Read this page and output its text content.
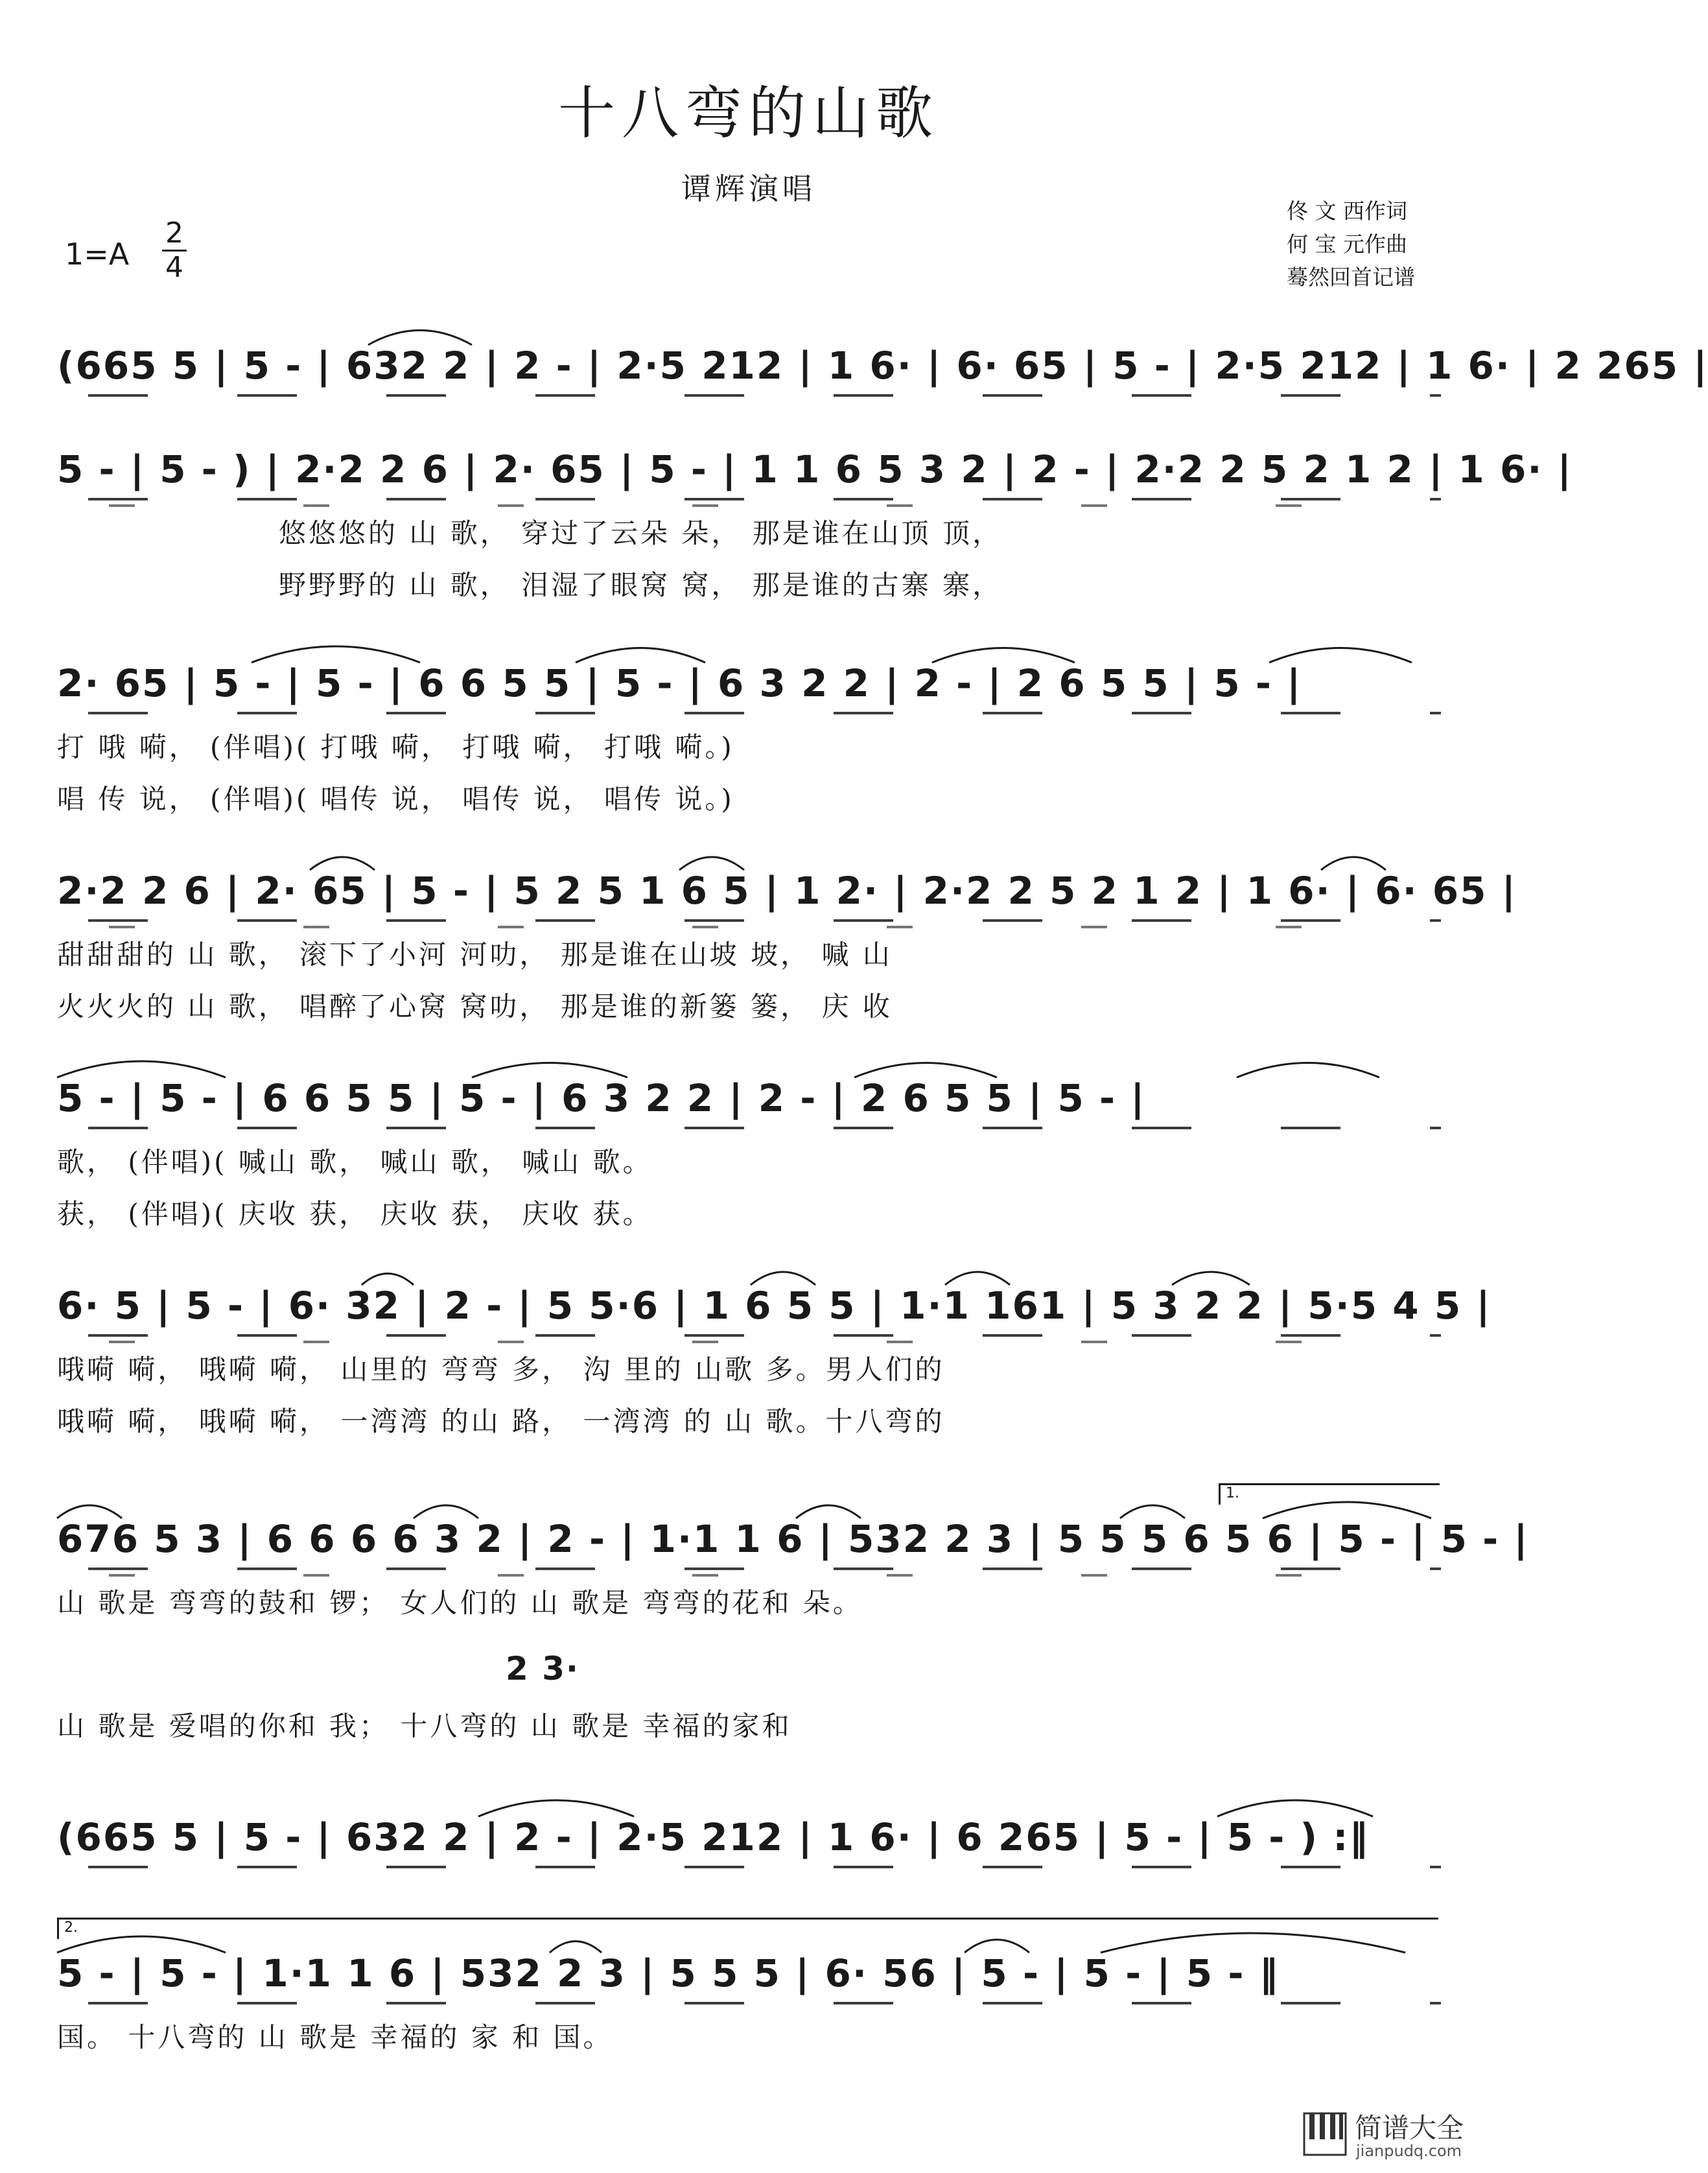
十八弯的山歌
谭辉演唱
佟 文 西作词
何 宝 元作曲
蓦然回首记谱
1=A
2
4
(665 5 | 5 - | 632 2 | 2 - | 2·5 212 | 1 6· | 6· 65 | 5 - | 2·5 212 | 1 6· | 2 265 |
5 - | 5 - ) | 2·2 2 6 | 2· 65 | 5 - | 1 1 6 5 3 2 | 2 - | 2·2 2 5 2 1 2 | 1 6· |
悠悠悠的 山 歌， 穿过了云朵 朵， 那是谁在山顶 顶，
野野野的 山 歌， 泪湿了眼窝 窝， 那是谁的古寨 寨，
2· 65 | 5 - | 5 - | 6 6 5 5 | 5 - | 6 3 2 2 | 2 - | 2 6 5 5 | 5 - |
打 哦 嗬， (伴唱)( 打哦 嗬， 打哦 嗬， 打哦 嗬。)
唱 传 说， (伴唱)( 唱传 说， 唱传 说， 唱传 说。)
2·2 2 6 | 2· 65 | 5 - | 5 2 5 1 6 5 | 1 2· | 2·2 2 5 2 1 2 | 1 6· | 6· 65 |
甜甜甜的 山 歌， 滚下了小河 河叻， 那是谁在山坡 坡， 喊 山
火火火的 山 歌， 唱醉了心窝 窝叻， 那是谁的新篓 篓， 庆 收
5 - | 5 - | 6 6 5 5 | 5 - | 6 3 2 2 | 2 - | 2 6 5 5 | 5 - |
歌， (伴唱)( 喊山 歌， 喊山 歌， 喊山 歌。
获， (伴唱)( 庆收 获， 庆收 获， 庆收 获。
6· 5 | 5 - | 6· 32 | 2 - | 5 5·6 | 1 6 5 5 | 1·1 161 | 5 3 2 2 | 5·5 4 5 |
哦嗬 嗬， 哦嗬 嗬， 山里的 弯弯 多， 沟 里的 山歌 多。男人们的
哦嗬 嗬， 哦嗬 嗬， 一湾湾 的山 路， 一湾湾 的 山 歌。十八弯的
1.
676 5 3 | 6 6 6 6 3 2 | 2 - | 1·1 1 6 | 532 2 3 | 5 5 5 6 5 6 | 5 - | 5 - |
山 歌是 弯弯的鼓和 锣； 女人们的 山 歌是 弯弯的花和 朵。
2 3·
山 歌是 爱唱的你和 我； 十八弯的 山 歌是 幸福的家和
(665 5 | 5 - | 632 2 | 2 - | 2·5 212 | 1 6· | 6 265 | 5 - | 5 - ) :‖
2.
5 - | 5 - | 1·1 1 6 | 532 2 3 | 5 5 5 | 6· 56 | 5 - | 5 - | 5 - ‖
国。 十八弯的 山 歌是 幸福的 家 和 国。
简谱大全
jianpudq.com
